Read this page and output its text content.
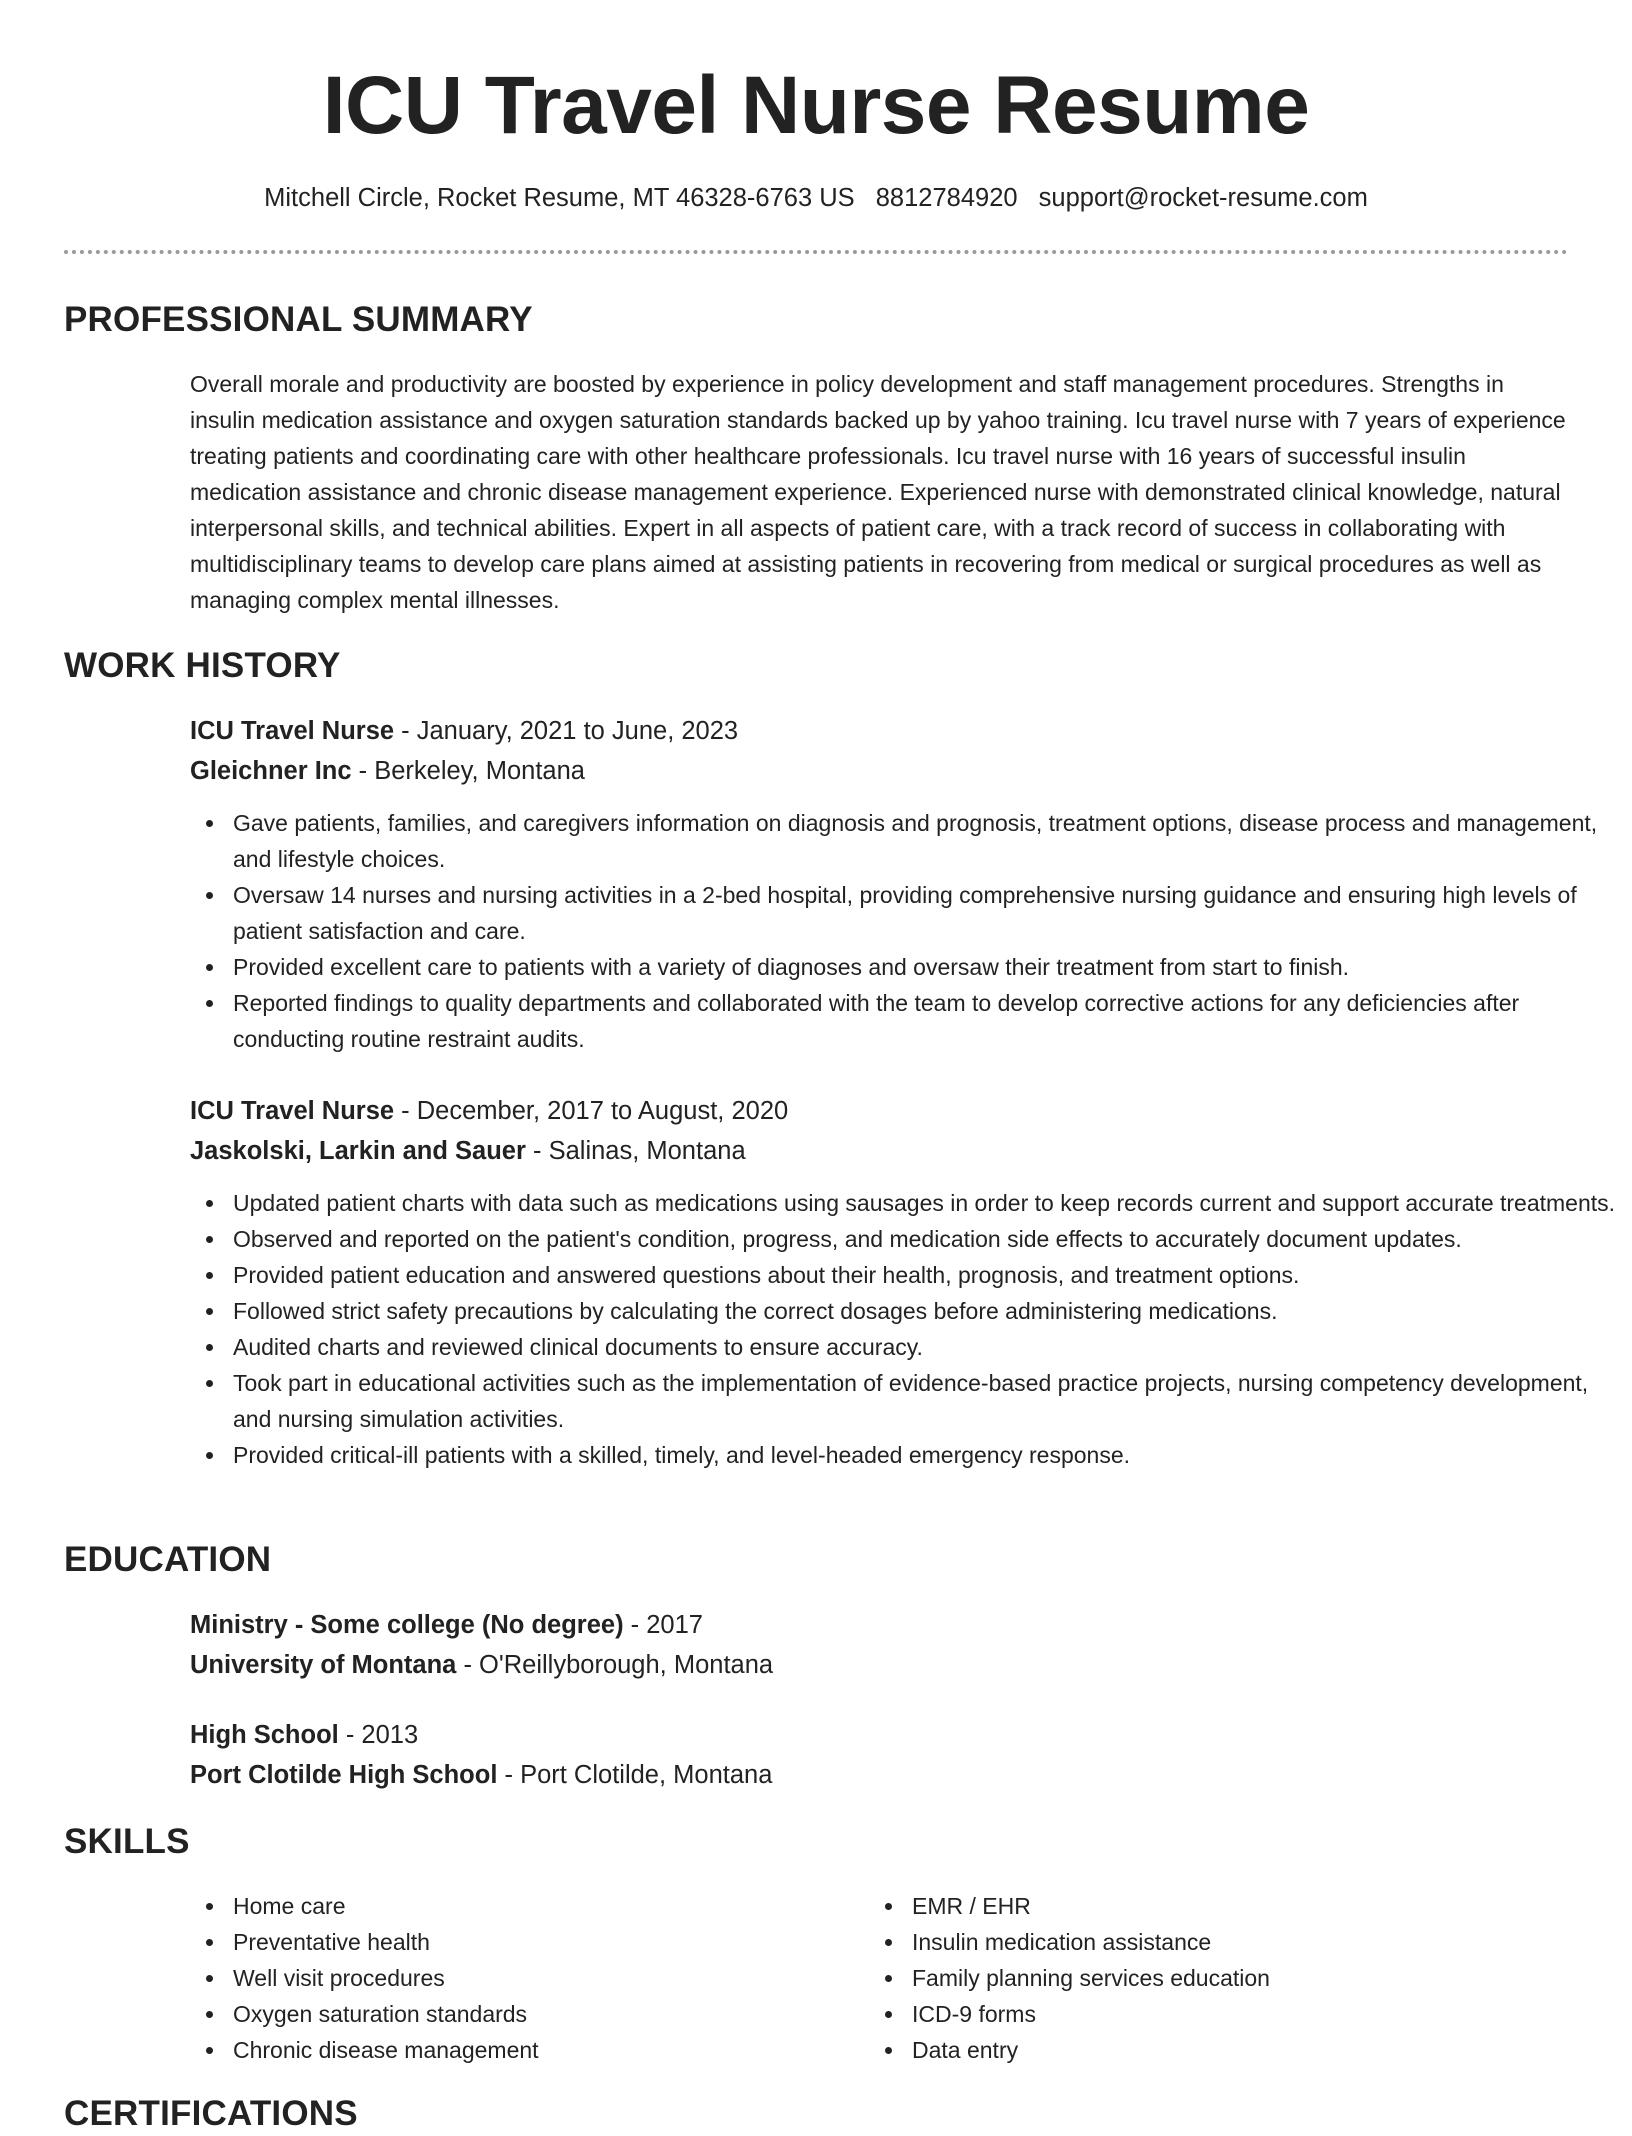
ICU Travel Nurse Resume
Mitchell Circle, Rocket Resume, MT 46328-6763 US 8812784920 support@rocket-resume.com
PROFESSIONAL SUMMARY

Overall morale and productivity are boosted by experience in policy development and staff management procedures. Strengths in insulin medication assistance and oxygen saturation standards backed up by yahoo training. Icu travel nurse with 7 years of experience treating patients and coordinating care with other healthcare professionals. Icu travel nurse with 16 years of successful insulin medication assistance and chronic disease management experience. Experienced nurse with demonstrated clinical knowledge, natural interpersonal skills, and technical abilities. Expert in all aspects of patient care, with a track record of success in collaborating with multidisciplinary teams to develop care plans aimed at assisting patients in recovering from medical or surgical procedures as well as managing complex mental illnesses.

WORK HISTORY
ICU Travel Nurse - January, 2021 to June, 2023
Gleichner Inc - Berkeley, Montana
Gave patients, families, and caregivers information on diagnosis and prognosis, treatment options, disease process and management, and lifestyle choices.
Oversaw 14 nurses and nursing activities in a 2-bed hospital, providing comprehensive nursing guidance and ensuring high levels of patient satisfaction and care.
Provided excellent care to patients with a variety of diagnoses and oversaw their treatment from start to finish.
Reported findings to quality departments and collaborated with the team to develop corrective actions for any deficiencies after conducting routine restraint audits.
ICU Travel Nurse - December, 2017 to August, 2020
Jaskolski, Larkin and Sauer - Salinas, Montana
Updated patient charts with data such as medications using sausages in order to keep records current and support accurate treatments.
Observed and reported on the patient's condition, progress, and medication side effects to accurately document updates.
Provided patient education and answered questions about their health, prognosis, and treatment options.
Followed strict safety precautions by calculating the correct dosages before administering medications.
Audited charts and reviewed clinical documents to ensure accuracy.
Took part in educational activities such as the implementation of evidence-based practice projects, nursing competency development, and nursing simulation activities.
Provided critical-ill patients with a skilled, timely, and level-headed emergency response.
EDUCATION
Ministry - Some college (No degree) - 2017
University of Montana - O'Reillyborough, Montana
High School - 2013
Port Clotilde High School - Port Clotilde, Montana
SKILLS
Home care
Preventative health
Well visit procedures
Oxygen saturation standards
Chronic disease management
EMR / EHR
Insulin medication assistance
Family planning services education
ICD-9 forms
Data entry
CERTIFICATIONS
